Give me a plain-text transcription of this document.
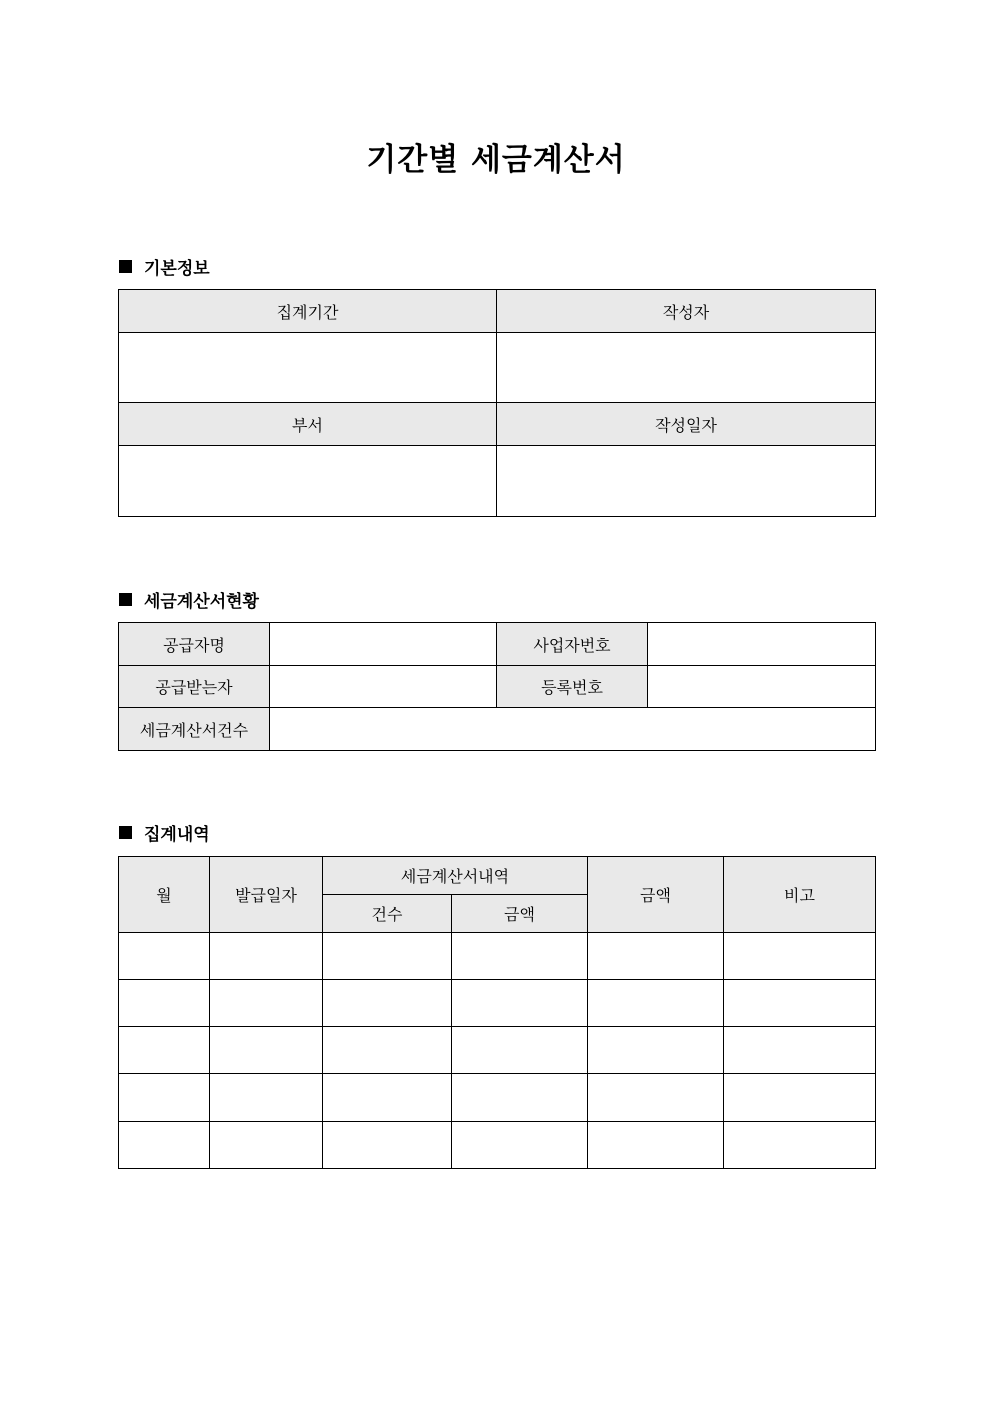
기간별 세금계산서
기본정보
집계기간	작성자

부서	작성일자

세금계산서현황
공급자명		사업자번호	
공급받는자		등록번호	
세금계산서건수			
집계내역
월	발급일자	세금계산서내역		금액	비고
		건수	금액		
